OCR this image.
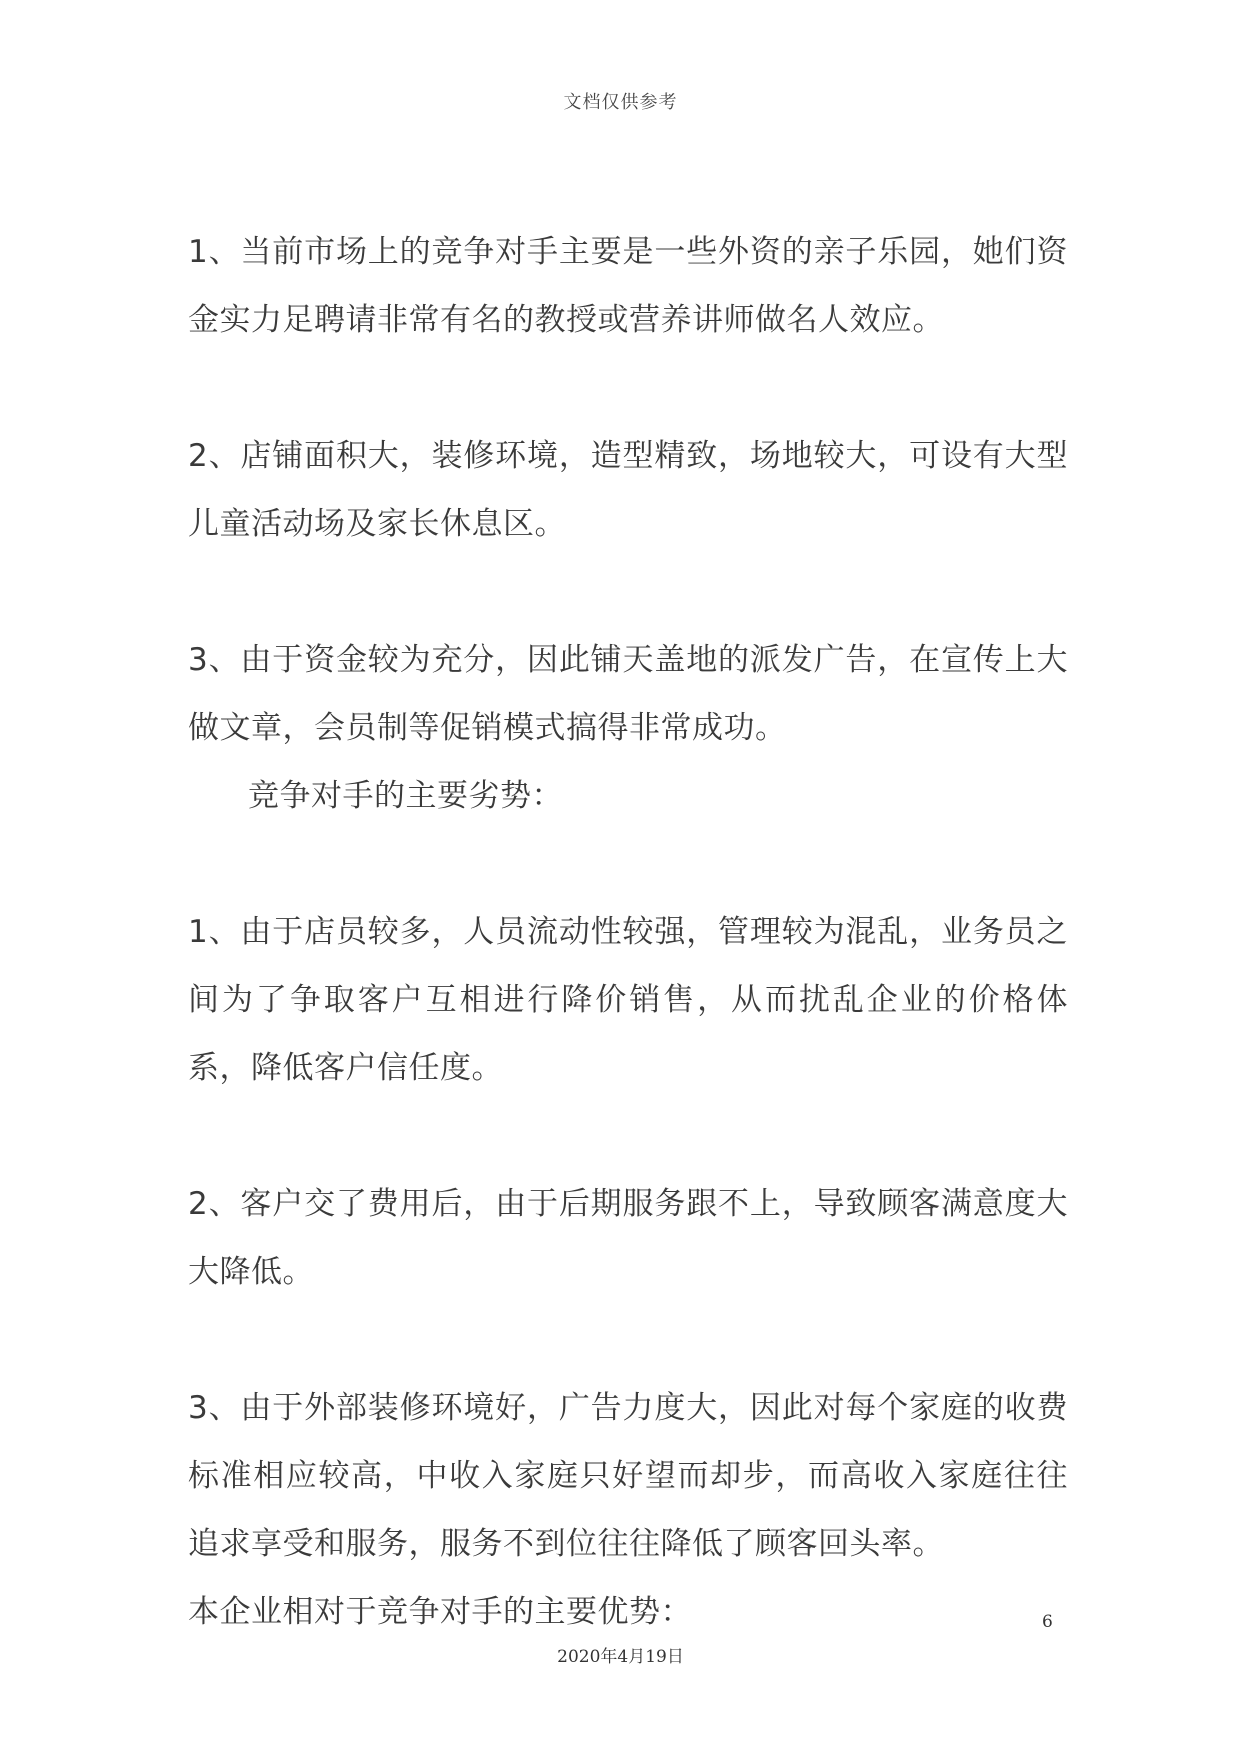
文档仅供参考

1、当前市场上的竞争对手主要是一些外资的亲子乐园，她们资金实力足聘请非常有名的教授或营养讲师做名人效应。

2、店铺面积大，装修环境，造型精致，场地较大，可设有大型儿童活动场及家长休息区。

3、由于资金较为充分，因此铺天盖地的派发广告，在宣传上大做文章，会员制等促销模式搞得非常成功。

竞争对手的主要劣势：

1、由于店员较多，人员流动性较强，管理较为混乱，业务员之间为了争取客户互相进行降价销售，从而扰乱企业的价格体系，降低客户信任度。

2、客户交了费用后，由于后期服务跟不上，导致顾客满意度大大降低。

3、由于外部装修环境好，广告力度大，因此对每个家庭的收费标准相应较高，中收入家庭只好望而却步，而高收入家庭往往追求享受和服务，服务不到位往往降低了顾客回头率。

本企业相对于竞争对手的主要优势：	6
2020年4月19日
